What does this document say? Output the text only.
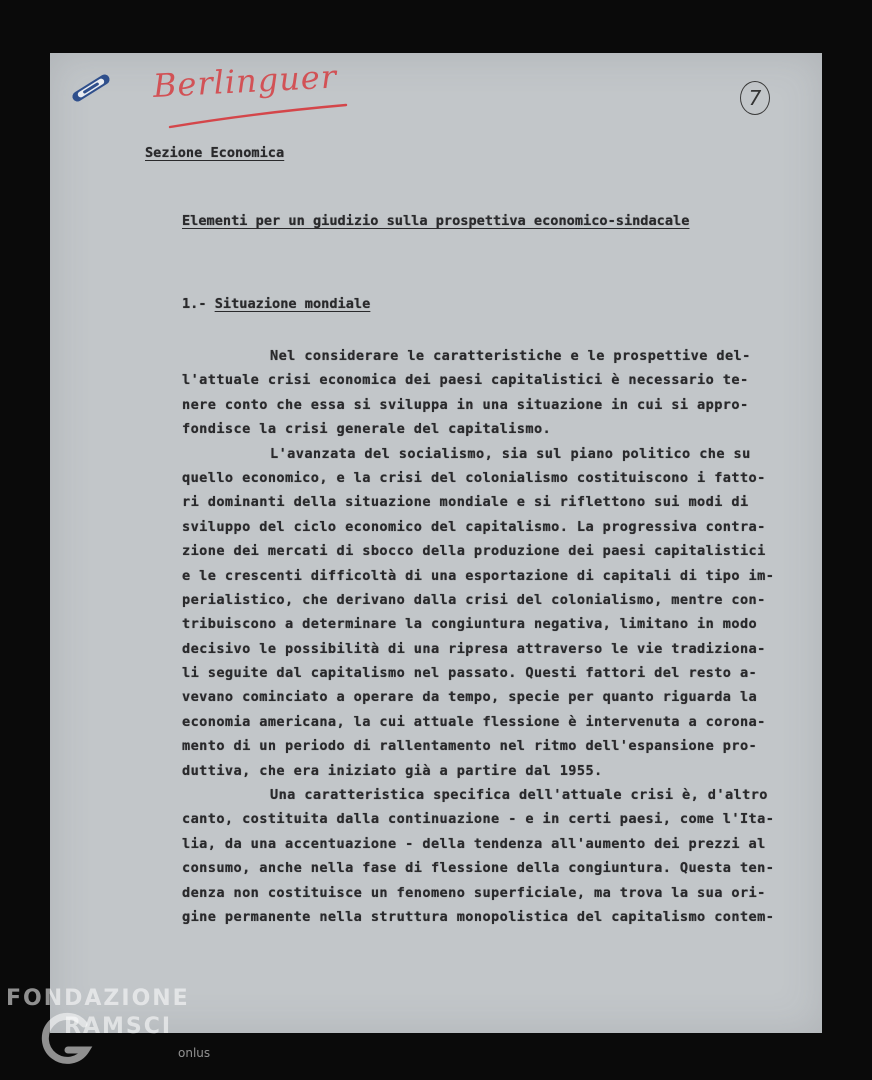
Berlinguer	7
Sezione Economica
Elementi per un giudizio sulla prospettiva economico-sindacale
1.- Situazione mondiale
Nel considerare le caratteristiche e le prospettive del-
l'attuale crisi economica dei paesi capitalistici è necessario te-
nere conto che essa si sviluppa in una situazione in cui si appro-
fondisce la crisi generale del capitalismo.
L'avanzata del socialismo, sia sul piano politico che su
quello economico, e la crisi del colonialismo costituiscono i fatto-
ri dominanti della situazione mondiale e si riflettono sui modi di
sviluppo del ciclo economico del capitalismo. La progressiva contra-
zione dei mercati di sbocco della produzione dei paesi capitalistici
e le crescenti difficoltà di una esportazione di capitali di tipo im-
perialistico, che derivano dalla crisi del colonialismo, mentre con-
tribuiscono a determinare la congiuntura negativa, limitano in modo
decisivo le possibilità di una ripresa attraverso le vie tradiziona-
li seguite dal capitalismo nel passato. Questi fattori del resto a-
vevano cominciato a operare da tempo, specie per quanto riguarda la
economia americana, la cui attuale flessione è intervenuta a corona-
mento di un periodo di rallentamento nel ritmo dell'espansione pro-
duttiva, che era iniziato già a partire dal 1955.
Una caratteristica specifica dell'attuale crisi è, d'altro
canto, costituita dalla continuazione - e in certi paesi, come l'Ita-
lia, da una accentuazione - della tendenza all'aumento dei prezzi al
consumo, anche nella fase di flessione della congiuntura. Questa ten-
denza non costituisce un fenomeno superficiale, ma trova la sua ori-
gine permanente nella struttura monopolistica del capitalismo contem-
FONDAZIONE
RAMSCI
onlus
